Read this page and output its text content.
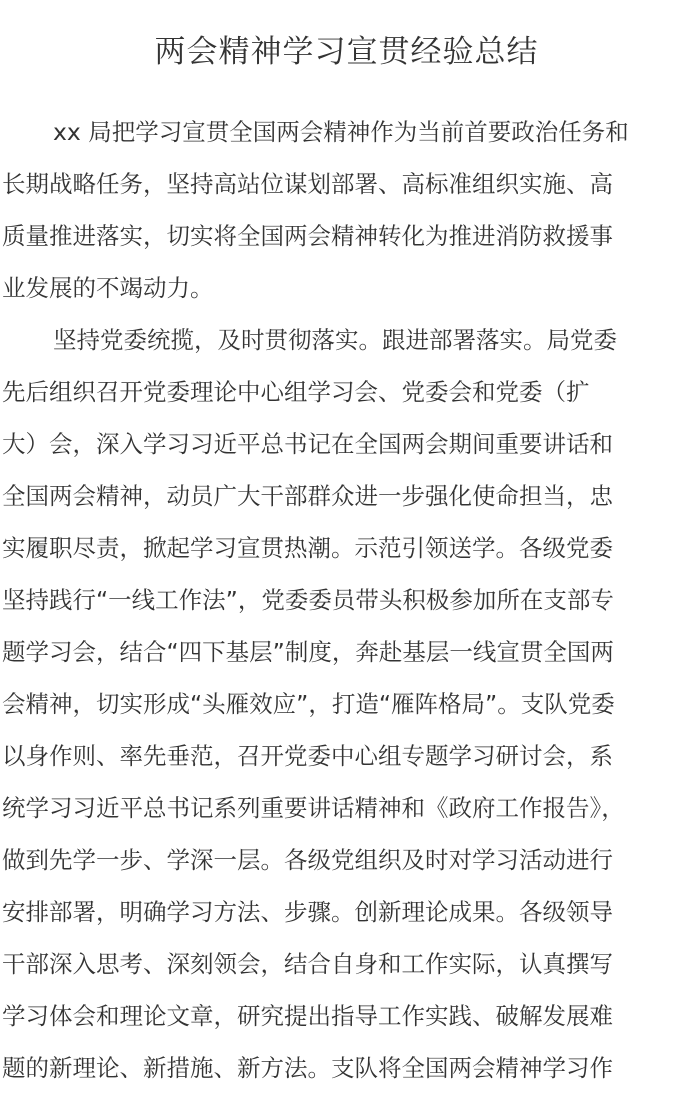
两会精神学习宣贯经验总结
xx 局把学习宣贯全国两会精神作为当前首要政治任务和
长期战略任务，坚持高站位谋划部署、高标准组织实施、高
质量推进落实，切实将全国两会精神转化为推进消防救援事
业发展的不竭动力。
坚持党委统揽，及时贯彻落实。跟进部署落实。局党委
先后组织召开党委理论中心组学习会、党委会和党委（扩
大）会，深入学习习近平总书记在全国两会期间重要讲话和
全国两会精神，动员广大干部群众进一步强化使命担当，忠
实履职尽责，掀起学习宣贯热潮。示范引领送学。各级党委
坚持践行“一线工作法”，党委委员带头积极参加所在支部专
题学习会，结合“四下基层”制度，奔赴基层一线宣贯全国两
会精神，切实形成“头雁效应”，打造“雁阵格局”。支队党委
以身作则、率先垂范，召开党委中心组专题学习研讨会，系
统学习习近平总书记系列重要讲话精神和《政府工作报告》，
做到先学一步、学深一层。各级党组织及时对学习活动进行
安排部署，明确学习方法、步骤。创新理论成果。各级领导
干部深入思考、深刻领会，结合自身和工作实际，认真撰写
学习体会和理论文章，研究提出指导工作实践、破解发展难
题的新理论、新措施、新方法。支队将全国两会精神学习作
